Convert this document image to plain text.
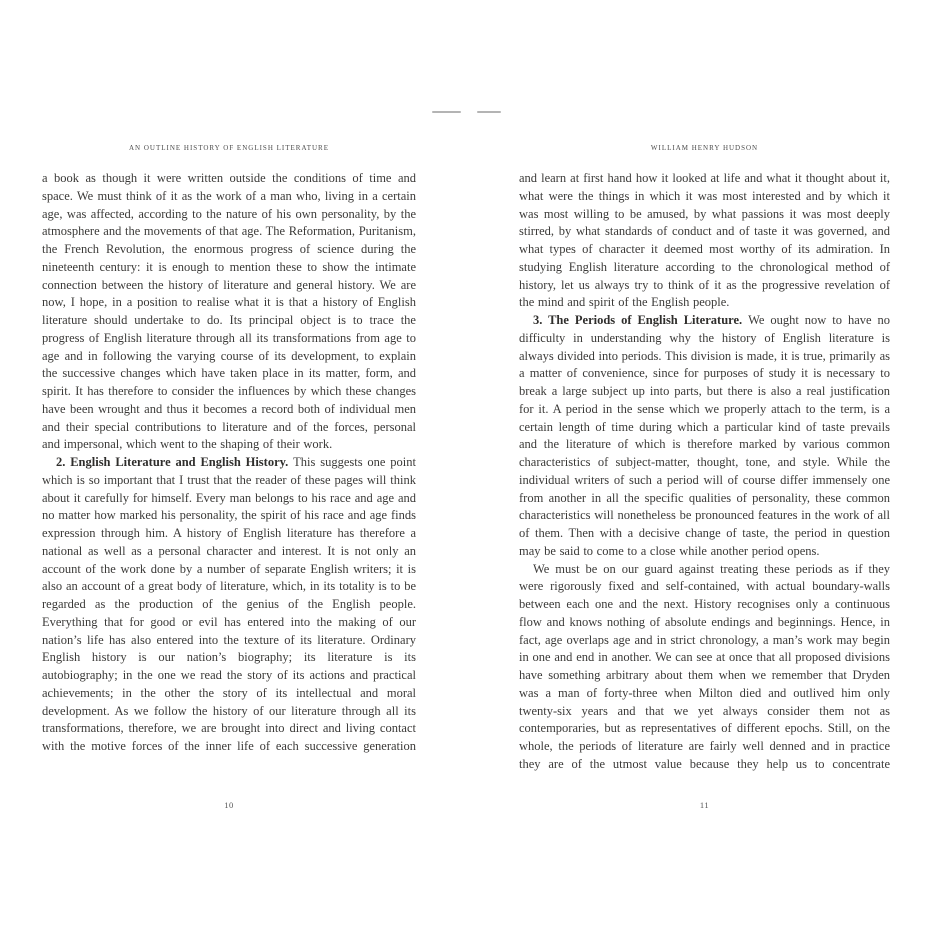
AN OUTLINE HISTORY OF ENGLISH LITERATURE

a book as though it were written outside the conditions of time and space. We must think of it as the work of a man who, living in a certain age, was affected, according to the nature of his own personality, by the atmosphere and the movements of that age. The Reformation, Puritanism, the French Revolution, the enormous progress of science during the nineteenth century: it is enough to mention these to show the intimate connection between the history of literature and general history. We are now, I hope, in a position to realise what it is that a history of English literature should undertake to do. Its principal object is to trace the progress of English literature through all its transformations from age to age and in following the varying course of its development, to explain the successive changes which have taken place in its matter, form, and spirit. It has therefore to consider the influences by which these changes have been wrought and thus it becomes a record both of individual men and their special contributions to literature and of the forces, personal and impersonal, which went to the shaping of their work.

2. English Literature and English History. This suggests one point which is so important that I trust that the reader of these pages will think about it carefully for himself. Every man belongs to his race and age and no matter how marked his personality, the spirit of his race and age finds expression through him. A history of English literature has therefore a national as well as a personal character and interest. It is not only an account of the work done by a number of separate English writers; it is also an account of a great body of literature, which, in its totality is to be regarded as the production of the genius of the English people. Everything that for good or evil has entered into the making of our nation’s life has also entered into the texture of its literature. Ordinary English history is our nation’s biography; its literature is its autobiography; in the one we read the story of its actions and practical achievements; in the other the story of its intellectual and moral development. As we follow the history of our literature through all its transformations, therefore, we are brought into direct and living contact with the motive forces of the inner life of each successive generation

10
WILLIAM HENRY HUDSON

and learn at first hand how it looked at life and what it thought about it, what were the things in which it was most interested and by which it was most willing to be amused, by what passions it was most deeply stirred, by what standards of conduct and of taste it was governed, and what types of character it deemed most worthy of its admiration. In studying English literature according to the chronological method of history, let us always try to think of it as the progressive revelation of the mind and spirit of the English people.

3. The Periods of English Literature. We ought now to have no difficulty in understanding why the history of English literature is always divided into periods. This division is made, it is true, primarily as a matter of convenience, since for purposes of study it is necessary to break a large subject up into parts, but there is also a real justification for it. A period in the sense which we properly attach to the term, is a certain length of time during which a particular kind of taste prevails and the literature of which is therefore marked by various common characteristics of subject-matter, thought, tone, and style. While the individual writers of such a period will of course differ immensely one from another in all the specific qualities of personality, these common characteristics will nonetheless be pronounced features in the work of all of them. Then with a decisive change of taste, the period in question may be said to come to a close while another period opens.

We must be on our guard against treating these periods as if they were rigorously fixed and self-contained, with actual boundary-walls between each one and the next. History recognises only a continuous flow and knows nothing of absolute endings and beginnings. Hence, in fact, age overlaps age and in strict chronology, a man’s work may begin in one and end in another. We can see at once that all proposed divisions have something arbitrary about them when we remember that Dryden was a man of forty-three when Milton died and outlived him only twenty-six years and that we yet always consider them not as contemporaries, but as representatives of different epochs. Still, on the whole, the periods of literature are fairly well denned and in practice they are of the utmost value because they help us to concentrate

11
